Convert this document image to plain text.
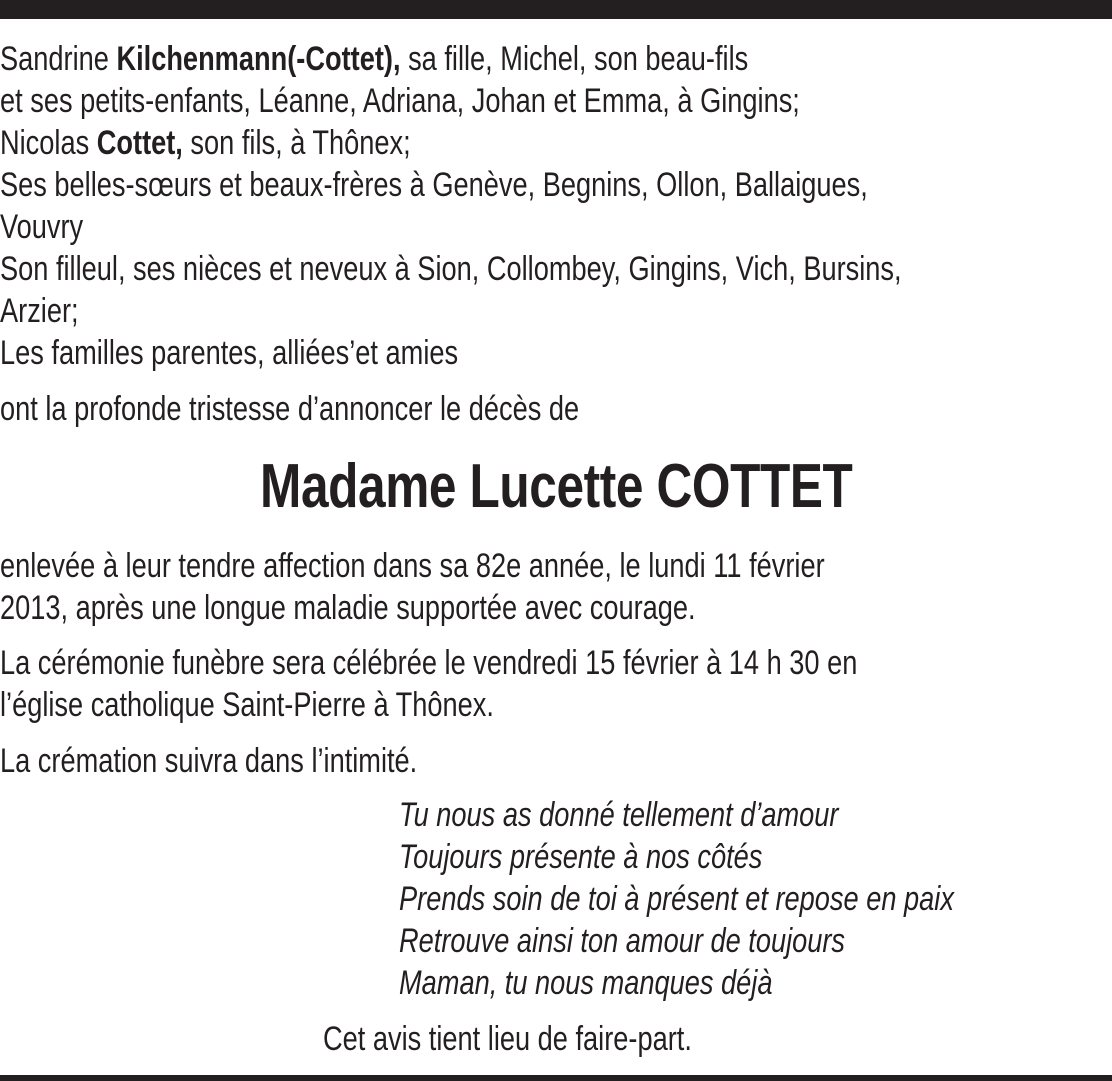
Sandrine Kilchenmann(-Cottet), sa fille, Michel, son beau-fils
et ses petits-enfants, Léanne, Adriana, Johan et Emma, à Gingins;
Nicolas Cottet, son fils, à Thônex;
Ses belles-sœurs et beaux-frères à Genève, Begnins, Ollon, Ballaigues,
Vouvry
Son filleul, ses nièces et neveux à Sion, Collombey, Gingins, Vich, Bursins,
Arzier;
Les familles parentes, alliées’et amies
ont la profonde tristesse d’annoncer le décès de
Madame Lucette COTTET
enlevée à leur tendre affection dans sa 82e année, le lundi 11 février
2013, après une longue maladie supportée avec courage.
La cérémonie funèbre sera célébrée le vendredi 15 février à 14 h 30 en
l’église catholique Saint-Pierre à Thônex.
La crémation suivra dans l’intimité.
Tu nous as donné tellement d’amour
Toujours présente à nos côtés
Prends soin de toi à présent et repose en paix
Retrouve ainsi ton amour de toujours
Maman, tu nous manques déjà
Cet avis tient lieu de faire-part.
